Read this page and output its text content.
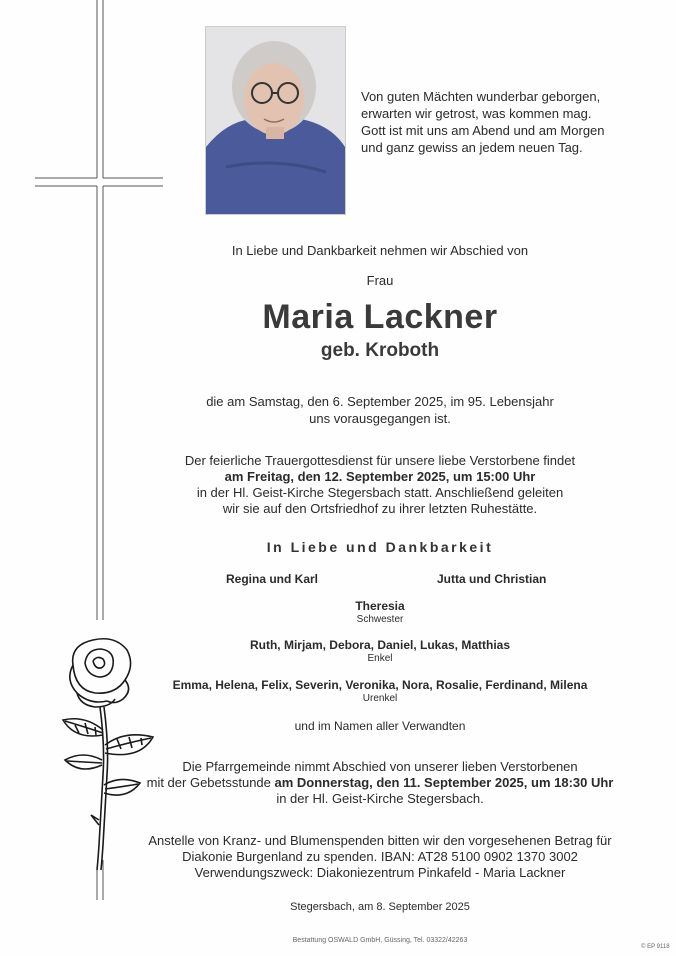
Von guten Mächten wunderbar geborgen,
erwarten wir getrost, was kommen mag.
Gott ist mit uns am Abend und am Morgen
und ganz gewiss an jedem neuen Tag.
In Liebe und Dankbarkeit nehmen wir Abschied von
Frau
Maria Lackner
geb. Kroboth
die am Samstag, den 6. September 2025, im 95. Lebensjahr
uns vorausgegangen ist.
Der feierliche Trauergottesdienst für unsere liebe Verstorbene findet
am Freitag, den 12. September 2025, um 15:00 Uhr
in der Hl. Geist-Kirche Stegersbach statt. Anschließend geleiten
wir sie auf den Ortsfriedhof zu ihrer letzten Ruhestätte.
In Liebe und Dankbarkeit
Regina und Karl	Jutta und Christian
Theresia
Schwester
Ruth, Mirjam, Debora, Daniel, Lukas, Matthias
Enkel
Emma, Helena, Felix, Severin, Veronika, Nora, Rosalie, Ferdinand, Milena
Urenkel
und im Namen aller Verwandten
Die Pfarrgemeinde nimmt Abschied von unserer lieben Verstorbenen
mit der Gebetsstunde am Donnerstag, den 11. September 2025, um 18:30 Uhr
in der Hl. Geist-Kirche Stegersbach.
Anstelle von Kranz- und Blumenspenden bitten wir den vorgesehenen Betrag für
Diakonie Burgenland zu spenden. IBAN: AT28 5100 0902 1370 3002
Verwendungszweck: Diakoniezentrum Pinkafeld - Maria Lackner
Stegersbach, am 8. September 2025
Bestattung OSWALD GmbH, Güssing, Tel. 03322/42263
© EP 9118
